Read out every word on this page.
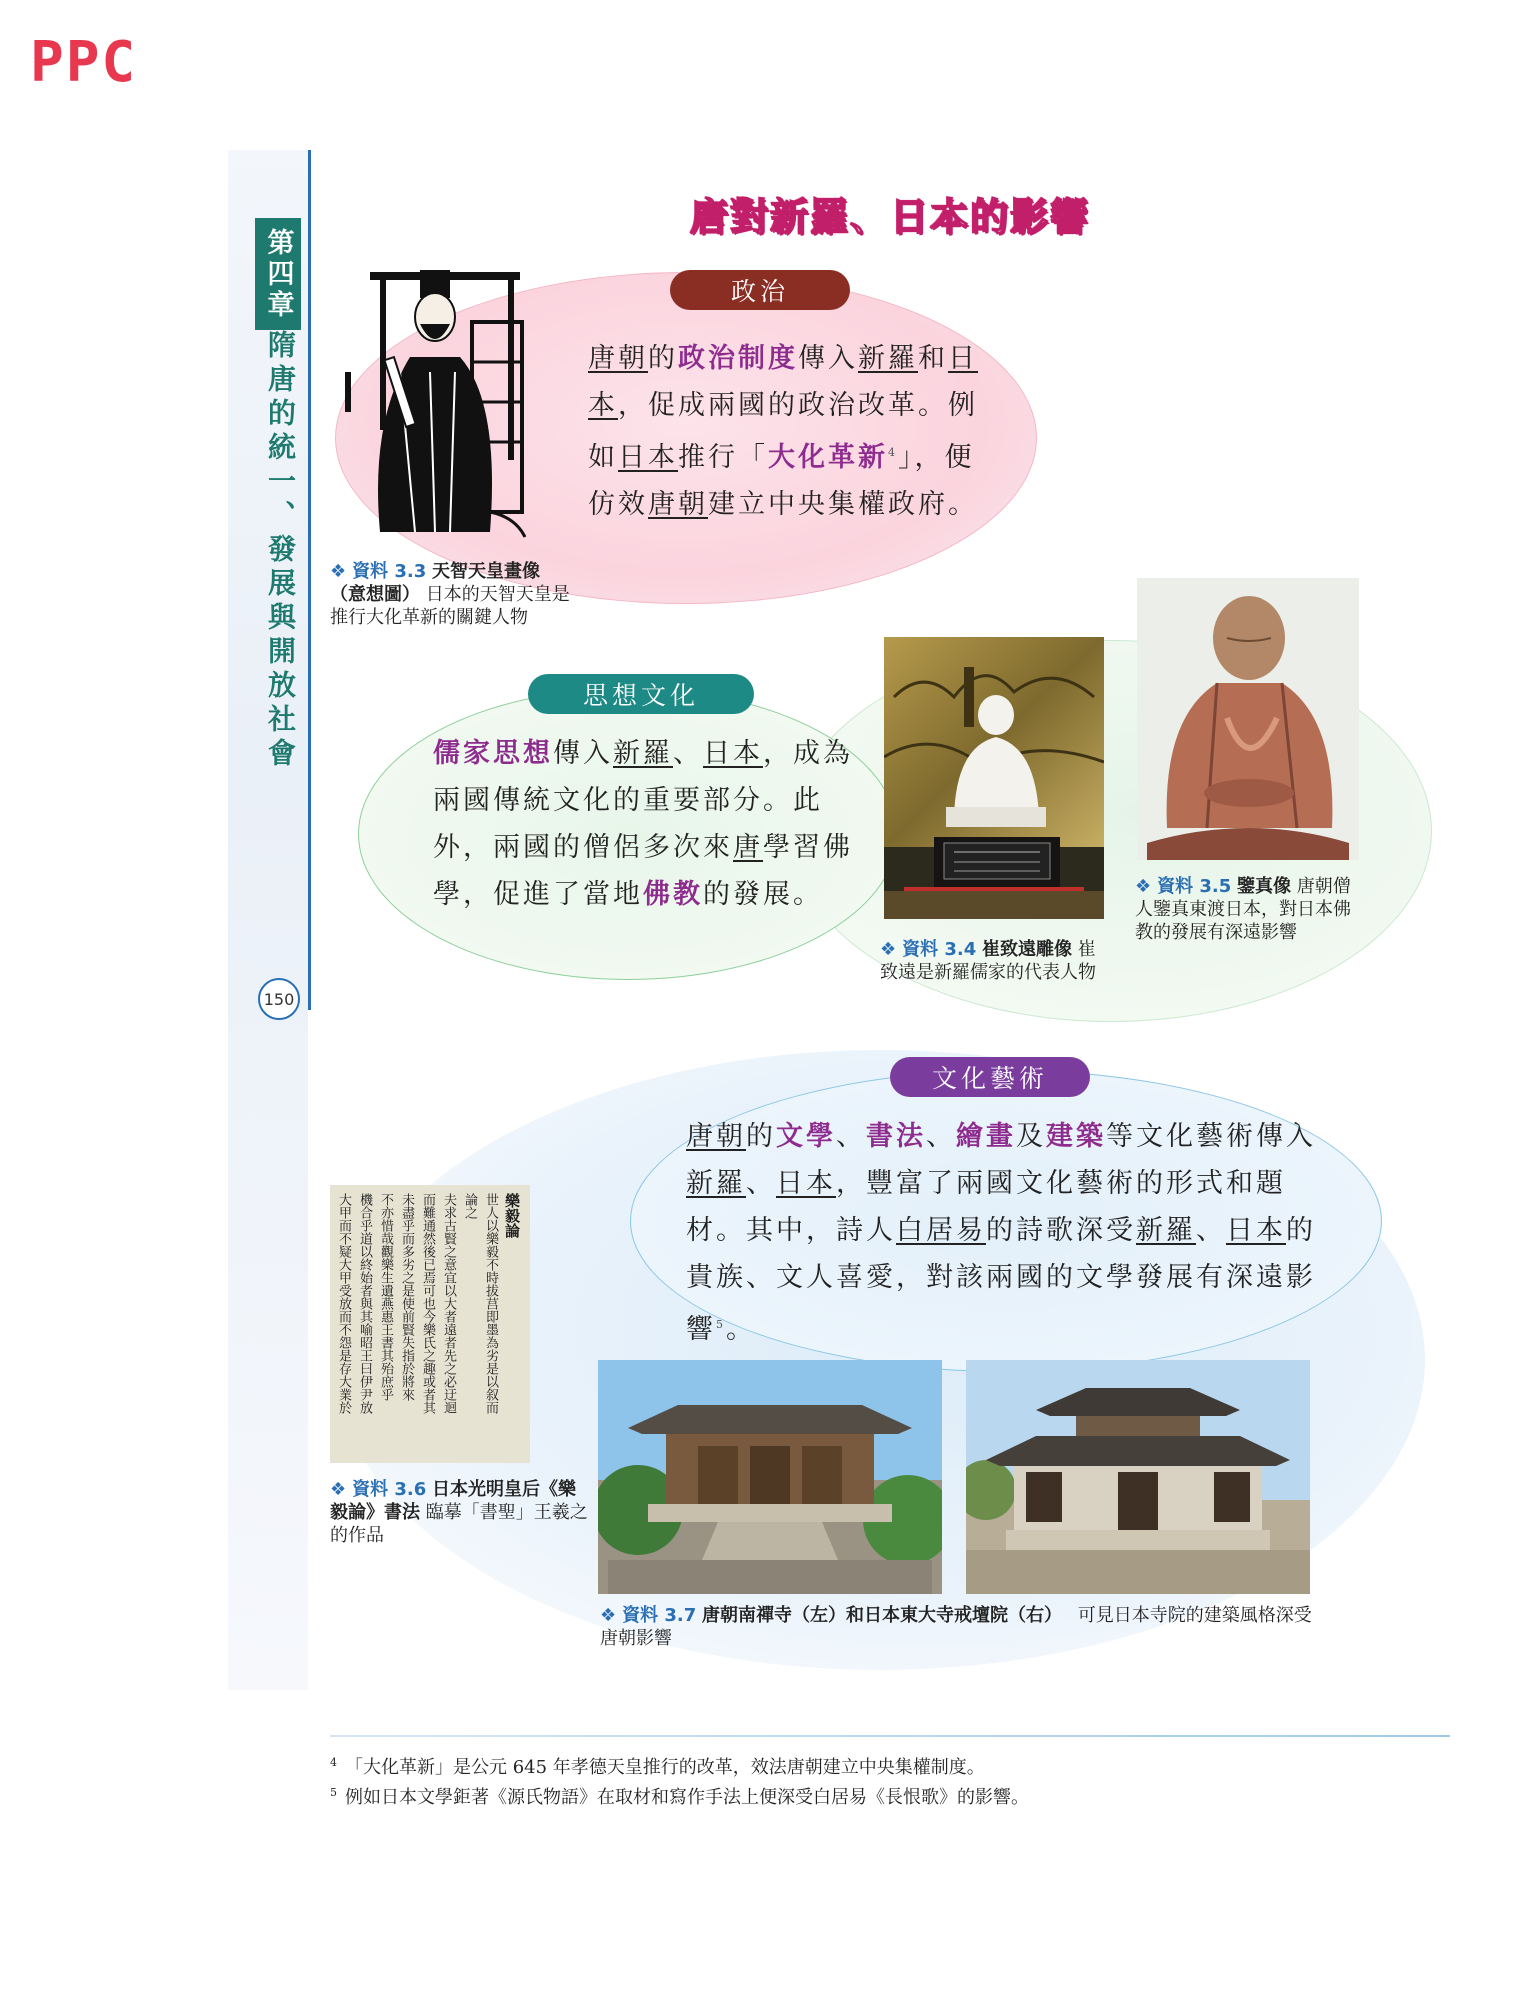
PPC
第四章
隋唐的統一、發展與開放社會
150
唐對新羅、日本的影響
政治
唐朝的政治制度傳入新羅和日本，促成兩國的政治改革。例如日本推行「大化革新$^4$」，便仿效唐朝建立中央集權政府。
❖ 資料 3.3 天智天皇畫像（意想圖） 日本的天智天皇是推行大化革新的關鍵人物
思想文化
儒家思想傳入新羅、日本，成為兩國傳統文化的重要部分。此外，兩國的僧侶多次來唐學習佛學，促進了當地佛教的發展。
❖ 資料 3.4 崔致遠雕像 崔致遠是新羅儒家的代表人物
❖ 資料 3.5 鑒真像 唐朝僧人鑒真東渡日本，對日本佛教的發展有深遠影響
文化藝術
唐朝的文學、書法、繪畫及建築等文化藝術傳入新羅、日本，豐富了兩國文化藝術的形式和題材。其中，詩人白居易的詩歌深受新羅、日本的貴族、文人喜愛，對該兩國的文學發展有深遠影響$^5$。
樂毅論
世人以樂毅不時拔莒即墨為劣是以叙而
論之
夫求古賢之意宜以大者遠者先之必迂迴
而難通然後已焉可也今樂氏之趣或者其
未盡乎而多劣之是使前賢失指於將來
不亦惜哉觀樂生遺燕惠王書其殆庶乎
機合乎道以終始者與其喻昭王曰伊尹放
大甲而不疑大甲受放而不怨是存大業於
❖ 資料 3.6 日本光明皇后《樂毅論》書法 臨摹「書聖」王羲之的作品
❖ 資料 3.7 唐朝南禪寺（左）和日本東大寺戒壇院（右） 可見日本寺院的建築風格深受唐朝影響
$^4$ 「大化革新」是公元 645 年孝德天皇推行的改革，效法唐朝建立中央集權制度。
$^5$ 例如日本文學鉅著《源氏物語》在取材和寫作手法上便深受白居易《長恨歌》的影響。
